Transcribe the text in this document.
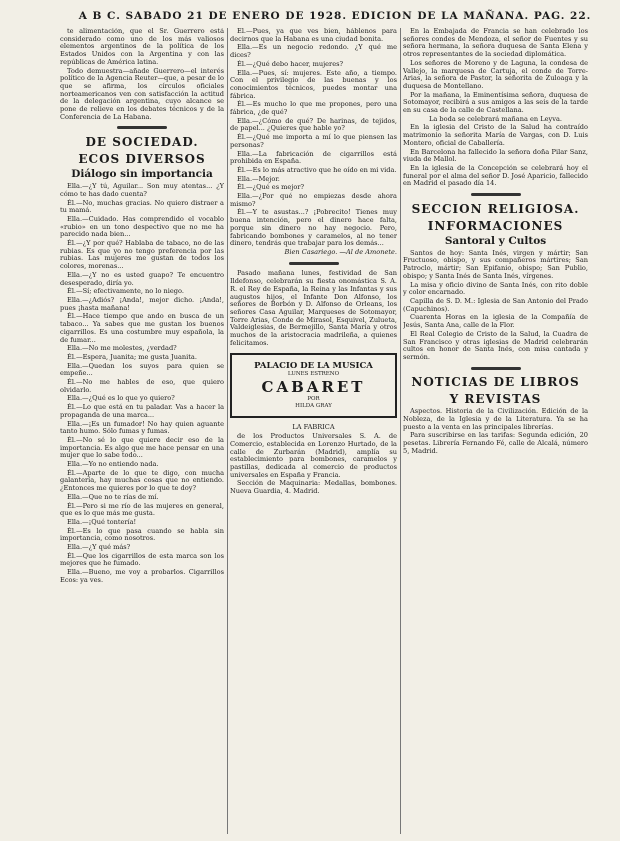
A B C. SABADO 21 DE ENERO DE 1928. EDICION DE LA MAÑANA. PAG. 22.

te alimentación, que el Sr. Guerrero está considerado como uno de los más valiosos elementos argentinos de la política de los Estados Unidos con la Argentina y con las repúblicas de América latina.

Todo demuestra—añade Guerrero—el interés político de la Agencia Reuter—que, a pesar de lo que se afirma, los círculos oficiales norteamericanos ven con satisfacción la actitud de la delegación argentina, cuyo alcance se pone de relieve en los debates técnicos y de la Conferencia de La Habana.

DE SOCIEDAD.
ECOS DIVERSOS
Diálogo sin importancia

Ella.—¿Y tú, Aguilar... Son muy atentas... ¿Y cómo te has dado cuenta?

Él.—No, muchas gracias. No quiero distraer a tu mamá.

Ella.—Cuidado. Has comprendido el vocablo «rubio» en un tono despectivo que no me ha parecido nada bien...

Él.—¿Y por qué? Hablaba de tabaco, no de las rubias. Es que yo no tengo preferencia por las rubias. Las mujeres me gustan de todos los colores, morenas...

Ella.—¿Y no es usted guapo? Te encuentro desesperado, diría yo.

Él.—Sí; efectivamente, no lo niego.

Ella.—¿Adiós? ¡Anda!, mejor dicho. ¡Anda!, pues ¡hasta mañana!

Él.—Hace tiempo que ando en busca de un tabaco... Ya sabes que me gustan los buenos cigarrillos. Es una costumbre muy española, la de fumar...

Ella.—No me molestes, ¿verdad?

Él.—Espera, Juanita; me gusta Juanita.

Ella.—Quedan los suyos para quien se empeñe...

Él.—No me hables de eso, que quiero olvidarlo.

Ella.—¿Qué es lo que yo quiero?

Él.—Lo que está en tu paladar. Vas a hacer la propaganda de una marca...

Ella.—¡Es un fumador! No hay quien aguante tanto humo. Sólo fumas y fumas.

Él.—No sé lo que quiere decir eso de la importancia. Es algo que me hace pensar en una mujer que lo sabe todo...

Ella.—Yo no entiendo nada.

Él.—Aparte de lo que te digo, con mucha galantería, hay muchas cosas que no entiendo. ¿Entonces me quieres por lo que te doy?

Ella.—Que no te rías de mí.

Él.—Pero si me río de las mujeres en general, que es lo que más me gusta.

Ella.—¡Qué tontería!

Él.—Es lo que pasa cuando se habla sin importancia, como nosotros.

Ella.—¿Y qué más?

Él.—Que los cigarrillos de esta marca son los mejores que he fumado.

Ella.—Bueno, me voy a probarlos. Cigarrillos Ecos: ya ves.

Él.—Pues, ya que ves bien, háblenos para decirnos que la Habana es una ciudad bonita.

Ella.—Es un negocio redondo. ¿Y qué me dices?

Él.—¿Qué debo hacer, mujeres?

Ella.—Pues, sí: mujeres. Este año, a tiempo. Con el privilegio de las buenas y los conocimientos técnicos, puedes montar una fábrica.

Él.—Es mucho lo que me propones, pero una fábrica, ¿de qué?

Ella.—¿Cómo de qué? De harinas, de tejidos, de papel... ¿Quieres que hable yo?

Él.—¿Qué me importa a mí lo que piensen las personas?

Ella.—La fabricación de cigarrillos está prohibida en España.

Él.—Es lo más atractivo que he oído en mi vida.

Ella.—Mejor.

Él.—¿Qué es mejor?

Ella.—¿Por qué no empiezas desde ahora mismo?

Él.—Y te asustas...? ¡Pobrecito! Tienes muy buena intención, pero el dinero hace falta, porque sin dinero no hay negocio. Pero, fabricando bombones y caramelos, al no tener dinero, tendrás que trabajar para los demás...

Bien Casariego. —Al de Amonete.

Pasado mañana lunes, festividad de San Ildefonso, celebrarán su fiesta onomástica S. A. R. el Rey de España, la Reina y las Infantas y sus augustos hijos, el Infante Don Alfonso, los señores de Borbón y D. Alfonso de Orleans, los señores Casa Aguilar, Marqueses de Sotomayor, Torre Arias, Conde de Mirasol, Esquivel, Zulueta, Valdeiglesias, de Bermejillo, Santa María y otros muchos de la aristocracia madrileña, a quienes felicitamos.

PALACIO DE LA MUSICA
LUNES ESTRENO
CABARET
POR
HILDA GRAY

LA FABRICA

de los Productos Universales S. A. de Comercio, establecida en Lorenzo Hurtado, de la calle de Zurbarán (Madrid), amplía su establecimiento para bombones, caramelos y pastillas, dedicada al comercio de productos universales en España y Francia.

Sección de Maquinaria: Medallas, bombones. Nueva Guardia, 4. Madrid.

En la Embajada de Francia se han celebrado los señores condes de Mendoza, el señor de Fuentes y su señora hermana, la señora duquesa de Santa Elena y otros representantes de la sociedad diplomática.

Los señores de Moreno y de Laguna, la condesa de Vallejo, la marquesa de Cartuja, el conde de Torre-Arias, la señora de Pastor, la señorita de Zuloaga y la duquesa de Montellano.

Por la mañana, la Eminentísima señora, duquesa de Sotomayor, recibirá a sus amigos a las seis de la tarde en su casa de la calle de Castellana.

La boda se celebrará mañana en Leyva.

En la iglesia del Cristo de la Salud ha contraído matrimonio la señorita María de Vargas, con D. Luis Montero, oficial de Caballería.

En Barcelona ha fallecido la señora doña Pilar Sanz, viuda de Mallol.

En la iglesia de la Concepción se celebrará hoy el funeral por el alma del señor D. José Aparicio, fallecido en Madrid el pasado día 14.

SECCION RELIGIOSA.
INFORMACIONES
Santoral y Cultos

Santos de hoy: Santa Inés, virgen y mártir; San Fructuoso, obispo, y sus compañeros mártires; San Patroclo, mártir; San Epifanio, obispo; San Publio, obispo; y Santa Inés de Santa Inés, vírgenes.

La misa y oficio divino de Santa Inés, con rito doble y color encarnado.

Capilla de S. D. M.: Iglesia de San Antonio del Prado (Capuchinos).

Cuarenta Horas en la iglesia de la Compañía de Jesús, Santa Ana, calle de la Flor.

El Real Colegio de Cristo de la Salud, la Cuadra de San Francisco y otras iglesias de Madrid celebrarán cultos en honor de Santa Inés, con misa cantada y sermón.

NOTICIAS DE LIBROS
Y REVISTAS

Aspectos. Historia de la Civilización. Edición de la Nobleza, de la Iglesia y de la Literatura. Ya se ha puesto a la venta en las principales librerías.

Para suscribirse en las tarifas: Segunda edición, 20 pesetas. Librería Fernando Fé, calle de Alcalá, número 5, Madrid.
